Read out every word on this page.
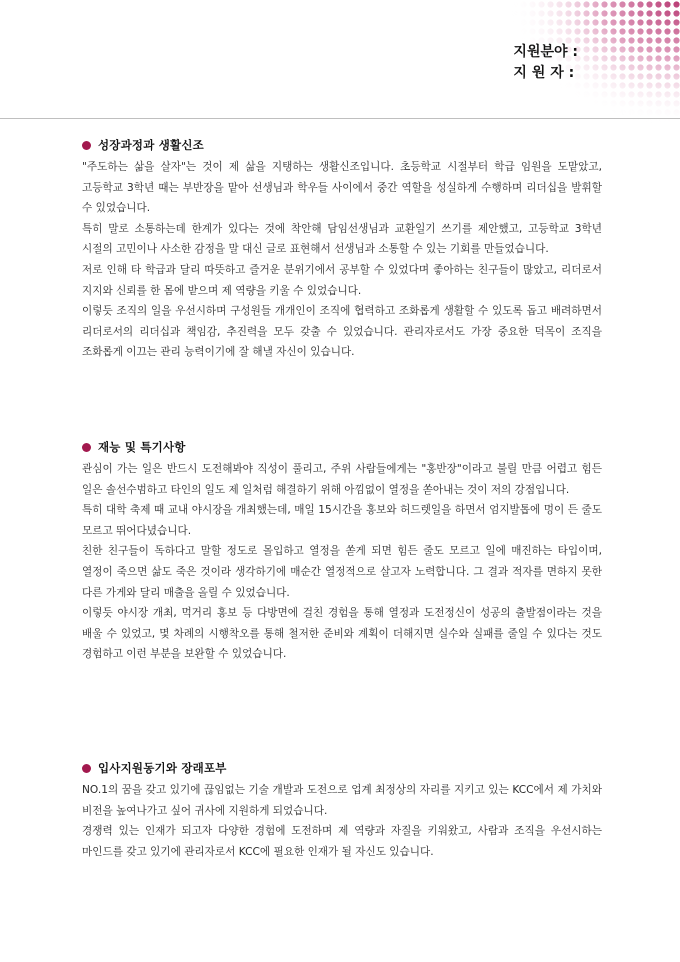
지원분야 :
지 원 자 :
성장과정과 생활신조

"주도하는 삶을 살자"는 것이 제 삶을 지탱하는 생활신조입니다. 초등학교 시절부터 학급 임원을 도맡았고, 고등학교 3학년 때는 부반장을 맡아 선생님과 학우들 사이에서 중간 역할을 성실하게 수행하며 리더십을 발휘할 수 있었습니다.

특히 말로 소통하는데 한계가 있다는 것에 착안해 담임선생님과 교환일기 쓰기를 제안했고, 고등학교 3학년 시절의 고민이나 사소한 감정을 말 대신 글로 표현해서 선생님과 소통할 수 있는 기회를 만들었습니다.

저로 인해 타 학급과 달리 따뜻하고 즐거운 분위기에서 공부할 수 있었다며 좋아하는 친구들이 많았고, 리더로서 지지와 신뢰를 한 몸에 받으며 제 역량을 키울 수 있었습니다.

이렇듯 조직의 일을 우선시하며 구성원들 개개인이 조직에 협력하고 조화롭게 생활할 수 있도록 돕고 배려하면서 리더로서의 리더십과 책임감, 추진력을 모두 갖출 수 있었습니다. 관리자로서도 가장 중요한 덕목이 조직을 조화롭게 이끄는 관리 능력이기에 잘 해낼 자신이 있습니다.

재능 및 특기사항

관심이 가는 일은 반드시 도전해봐야 직성이 풀리고, 주위 사람들에게는 "홍반장"이라고 불릴 만큼 어렵고 힘든 일은 솔선수범하고 타인의 일도 제 일처럼 해결하기 위해 아낌없이 열정을 쏟아내는 것이 저의 강점입니다.

특히 대학 축제 때 교내 야시장을 개최했는데, 매일 15시간을 홍보와 허드렛일을 하면서 엄지발톱에 멍이 든 줄도 모르고 뛰어다녔습니다.

친한 친구들이 독하다고 말할 정도로 몰입하고 열정을 쏟게 되면 힘든 줄도 모르고 일에 매진하는 타입이며, 열정이 죽으면 삶도 죽은 것이라 생각하기에 매순간 열정적으로 살고자 노력합니다. 그 결과 적자를 면하지 못한 다른 가게와 달리 매출을 올릴 수 있었습니다.

이렇듯 야시장 개최, 먹거리 홍보 등 다방면에 걸친 경험을 통해 열정과 도전정신이 성공의 출발점이라는 것을 배울 수 있었고, 몇 차례의 시행착오를 통해 철저한 준비와 계획이 더해지면 실수와 실패를 줄일 수 있다는 것도 경험하고 이런 부분을 보완할 수 있었습니다.

입사지원동기와 장래포부

NO.1의 꿈을 갖고 있기에 끊임없는 기술 개발과 도전으로 업계 최정상의 자리를 지키고 있는 KCC에서 제 가치와 비전을 높여나가고 싶어 귀사에 지원하게 되었습니다.

경쟁력 있는 인재가 되고자 다양한 경험에 도전하며 제 역량과 자질을 키워왔고, 사람과 조직을 우선시하는 마인드를 갖고 있기에 관리자로서 KCC에 필요한 인재가 될 자신도 있습니다.
